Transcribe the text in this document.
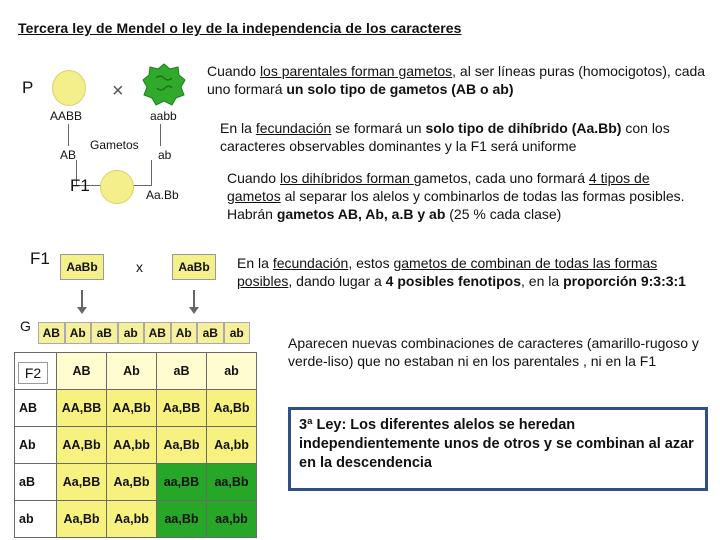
Tercera ley de Mendel o ley de la independencia de los caracteres
P
AABB
×
aabb
Gametos
AB	ab
F1	Aa.Bb
F1	AaBb	x	AaBb
G AB Ab aB ab AB Ab aB ab
	AB	Ab	aB	ab
AB	AA,BB	AA,Bb	Aa,BB	Aa,Bb
Ab	AA,Bb	AA,bb	Aa,Bb	Aa,bb
aB	Aa,BB	Aa,Bb	aa,BB	aa,Bb
ab	Aa,Bb	Aa,bb	aa,Bb	aa,bb
F2
Cuando los parentales forman gametos, al ser líneas puras (homocigotos), cada uno formará un solo tipo de gametos (AB o ab)
En la fecundación se formará un solo tipo de dihíbrido (Aa.Bb) con los caracteres observables dominantes y la F1 será uniforme
Cuando los dihíbridos forman gametos, cada uno formará 4 tipos de gametos al separar los alelos y combinarlos de todas las formas posibles. Habrán gametos AB, Ab, a.B y ab (25 % cada clase)
En la fecundación, estos gametos de combinan de todas las formas posibles, dando lugar a 4 posibles fenotipos, en la proporción 9:3:3:1
Aparecen nuevas combinaciones de caracteres (amarillo-rugoso y verde-liso) que no estaban ni en los parentales , ni en la F1
3ª Ley: Los diferentes alelos se heredan independientemente unos de otros y se combinan al azar en la descendencia
